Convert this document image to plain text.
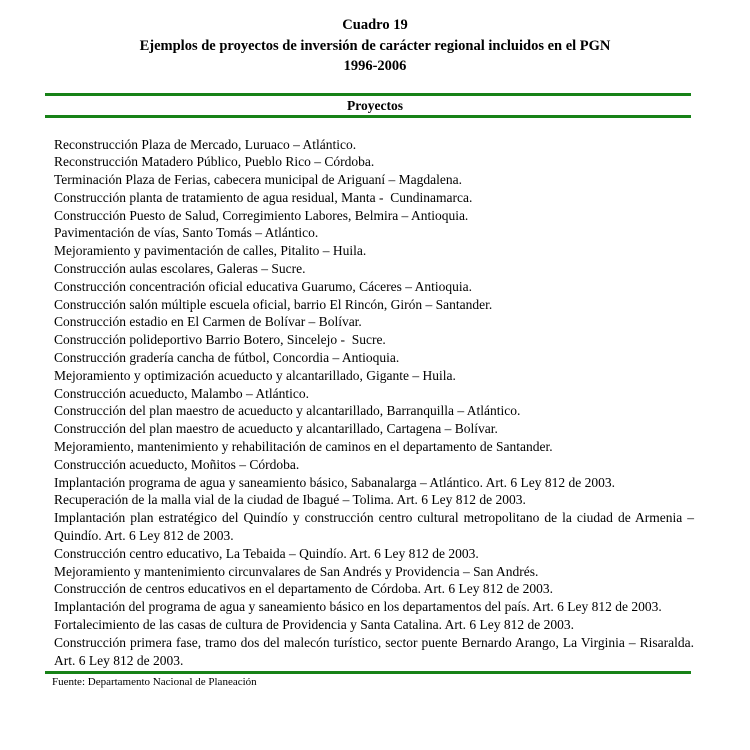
Cuadro 19
Ejemplos de proyectos de inversión de carácter regional incluidos en el PGN
1996-2006
Proyectos

Reconstrucción Plaza de Mercado, Luruaco – Atlántico.

Reconstrucción Matadero Público, Pueblo Rico – Córdoba.

Terminación Plaza de Ferias, cabecera municipal de Ariguaní – Magdalena.

Construcción planta de tratamiento de agua residual, Manta -  Cundinamarca.

Construcción Puesto de Salud, Corregimiento Labores, Belmira – Antioquia.

Pavimentación de vías, Santo Tomás – Atlántico.

Mejoramiento y pavimentación de calles, Pitalito – Huila.

Construcción aulas escolares, Galeras – Sucre.

Construcción concentración oficial educativa Guarumo, Cáceres – Antioquia.

Construcción salón múltiple escuela oficial, barrio El Rincón, Girón – Santander.

Construcción estadio en El Carmen de Bolívar – Bolívar.

Construcción polideportivo Barrio Botero, Sincelejo -  Sucre.

Construcción gradería cancha de fútbol, Concordia – Antioquia.

Mejoramiento y optimización acueducto y alcantarillado, Gigante – Huila.

Construcción acueducto, Malambo – Atlántico.

Construcción del plan maestro de acueducto y alcantarillado, Barranquilla – Atlántico.

Construcción del plan maestro de acueducto y alcantarillado, Cartagena – Bolívar.

Mejoramiento, mantenimiento y rehabilitación de caminos en el departamento de Santander.

Construcción acueducto, Moñitos – Córdoba.

Implantación programa de agua y saneamiento básico, Sabanalarga – Atlántico. Art. 6 Ley 812 de 2003.

Recuperación de la malla vial de la ciudad de Ibagué – Tolima. Art. 6 Ley 812 de 2003.

Implantación plan estratégico del Quindío y construcción centro cultural metropolitano de la ciudad de Armenia – Quindío. Art. 6 Ley 812 de 2003.

Construcción centro educativo, La Tebaida – Quindío. Art. 6 Ley 812 de 2003.

Mejoramiento y mantenimiento circunvalares de San Andrés y Providencia – San Andrés.

Construcción de centros educativos en el departamento de Córdoba. Art. 6 Ley 812 de 2003.

Implantación del programa de agua y saneamiento básico en los departamentos del país. Art. 6 Ley 812 de 2003.

Fortalecimiento de las casas de cultura de Providencia y Santa Catalina. Art. 6 Ley 812 de 2003.

Construcción primera fase, tramo dos del malecón turístico, sector puente Bernardo Arango, La Virginia – Risaralda. Art. 6 Ley 812 de 2003.

Fuente: Departamento Nacional de Planeación
